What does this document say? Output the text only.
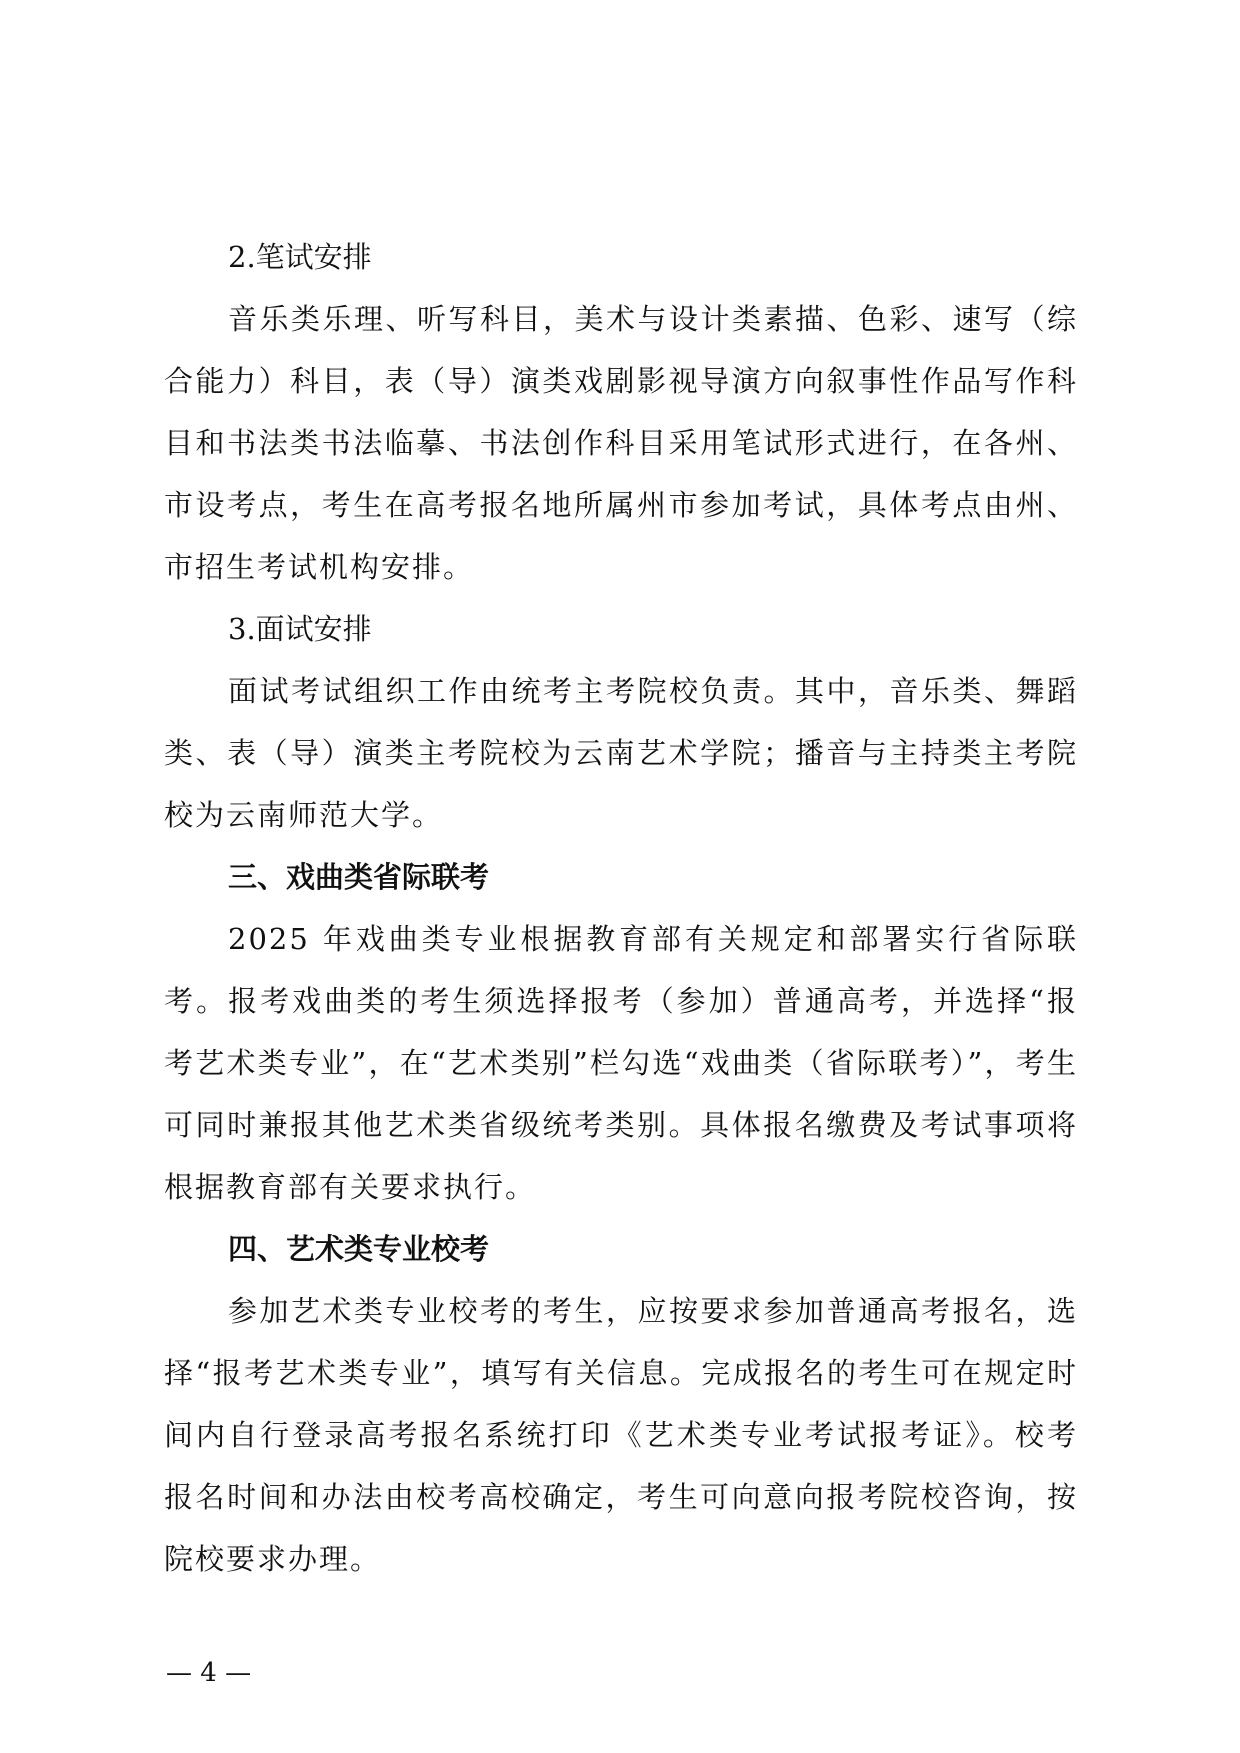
2.笔试安排

音乐类乐理、听写科目，美术与设计类素描、色彩、速写（综合能力）科目，表（导）演类戏剧影视导演方向叙事性作品写作科目和书法类书法临摹、书法创作科目采用笔试形式进行，在各州、市设考点，考生在高考报名地所属州市参加考试，具体考点由州、市招生考试机构安排。

3.面试安排

面试考试组织工作由统考主考院校负责。其中，音乐类、舞蹈类、表（导）演类主考院校为云南艺术学院；播音与主持类主考院校为云南师范大学。

三、戏曲类省际联考

2025 年戏曲类专业根据教育部有关规定和部署实行省际联考。报考戏曲类的考生须选择报考（参加）普通高考，并选择“报考艺术类专业”，在“艺术类别”栏勾选“戏曲类（省际联考）”，考生可同时兼报其他艺术类省级统考类别。具体报名缴费及考试事项将根据教育部有关要求执行。

四、艺术类专业校考

参加艺术类专业校考的考生，应按要求参加普通高考报名，选择“报考艺术类专业”，填写有关信息。完成报名的考生可在规定时间内自行登录高考报名系统打印《艺术类专业考试报考证》。校考报名时间和办法由校考高校确定，考生可向意向报考院校咨询，按院校要求办理。

— 4 —
